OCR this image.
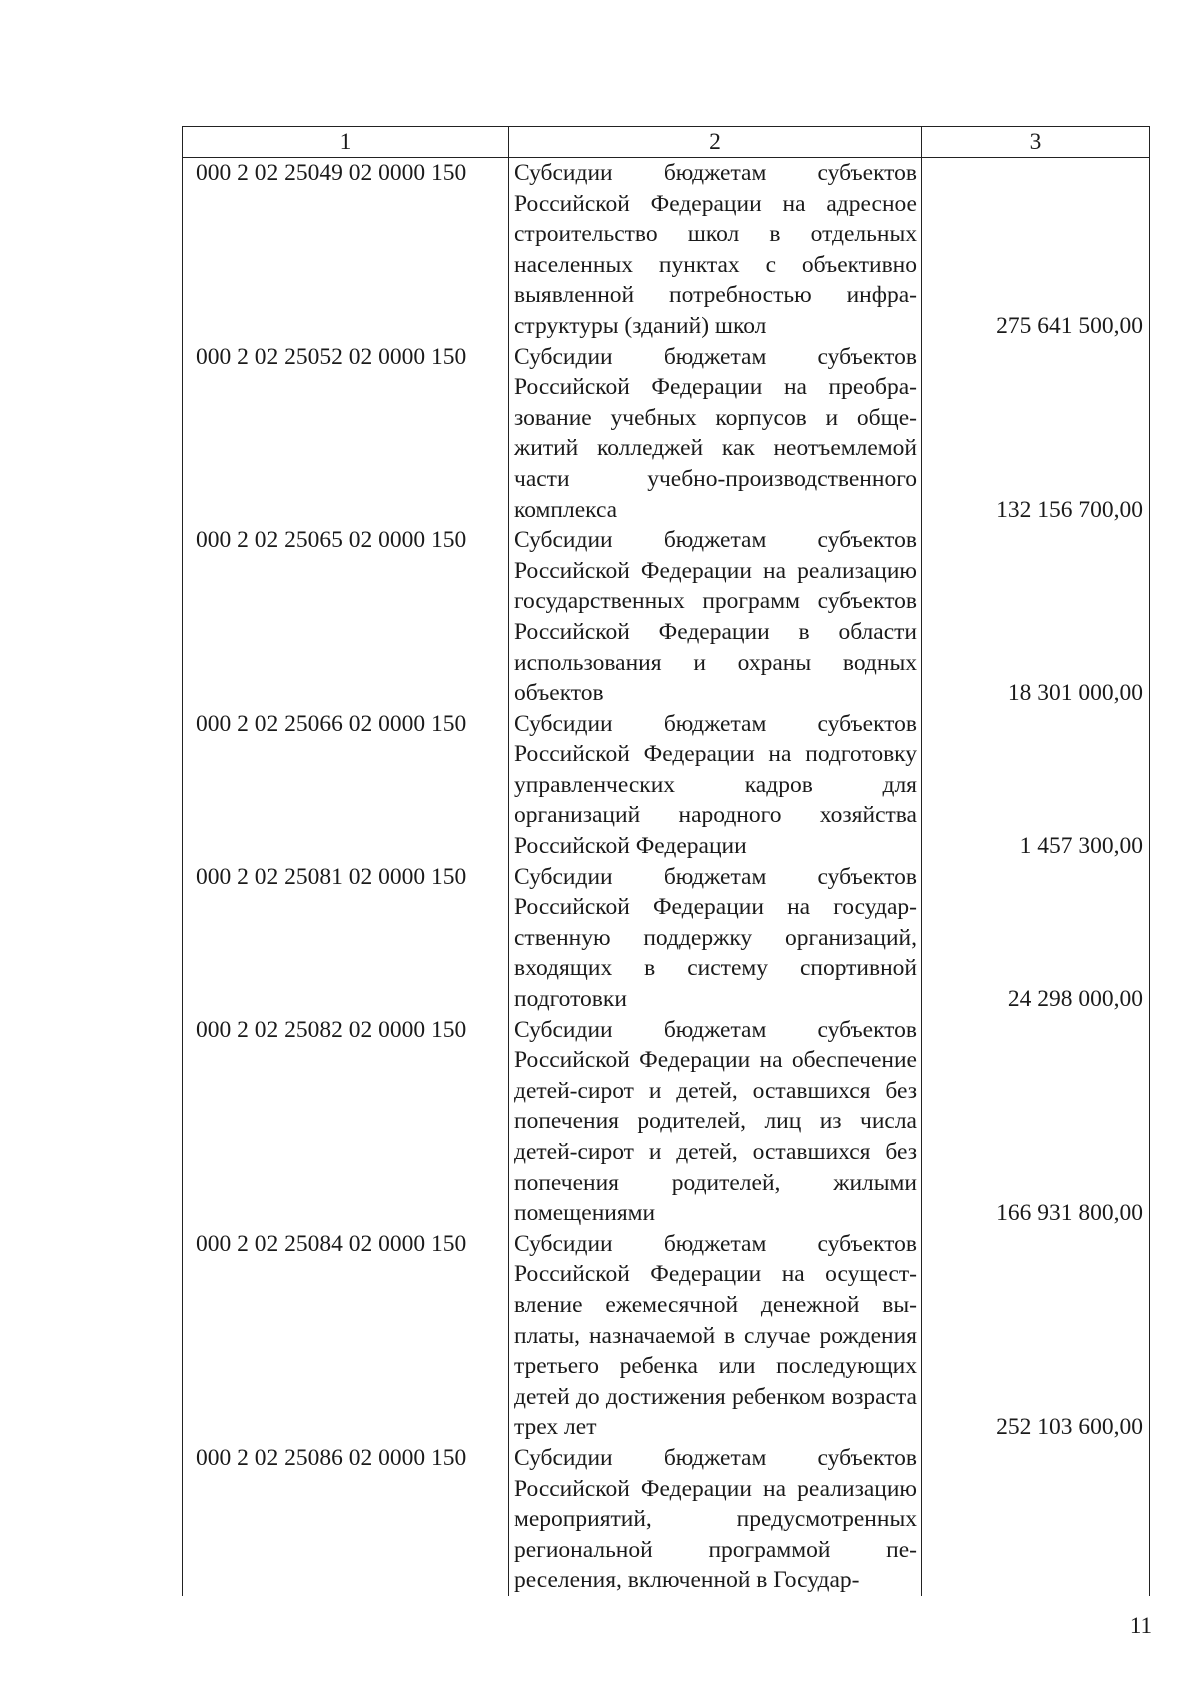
1	2	3
000 2 02 25049 02 0000 150	Субсидии бюджетам субъектов Российской Федерации на адресное строительство школ в отдельных населенных пунктах с объективно выявленной потребностью инфраструктуры (зданий) школ	275 641 500,00
000 2 02 25052 02 0000 150	Субсидии бюджетам субъектов Российской Федерации на преобразование учебных корпусов и общежитий колледжей как неотъемлемой части учебно-производственного комплекса	132 156 700,00
000 2 02 25065 02 0000 150	Субсидии бюджетам субъектов Российской Федерации на реализацию государственных программ субъектов Российской Федерации в области использования и охраны водных объектов	18 301 000,00
000 2 02 25066 02 0000 150	Субсидии бюджетам субъектов Российской Федерации на подготовку управленческих кадров для организаций народного хозяйства Российской Федерации	1 457 300,00
000 2 02 25081 02 0000 150	Субсидии бюджетам субъектов Российской Федерации на государственную поддержку организаций, входящих в систему спортивной подготовки	24 298 000,00
000 2 02 25082 02 0000 150	Субсидии бюджетам субъектов Российской Федерации на обеспечение детей-сирот и детей, оставшихся без попечения родителей, лиц из числа детей-сирот и детей, оставшихся без попечения родителей, жилыми помещениями	166 931 800,00
000 2 02 25084 02 0000 150	Субсидии бюджетам субъектов Российской Федерации на осуществление ежемесячной денежной выплаты, назначаемой в случае рождения третьего ребенка или последующих детей до достижения ребенком возраста трех лет	252 103 600,00
000 2 02 25086 02 0000 150	Субсидии бюджетам субъектов Российской Федерации на реализацию мероприятий, предусмотренных региональной программой переселения, включенной в Государ-	
11
